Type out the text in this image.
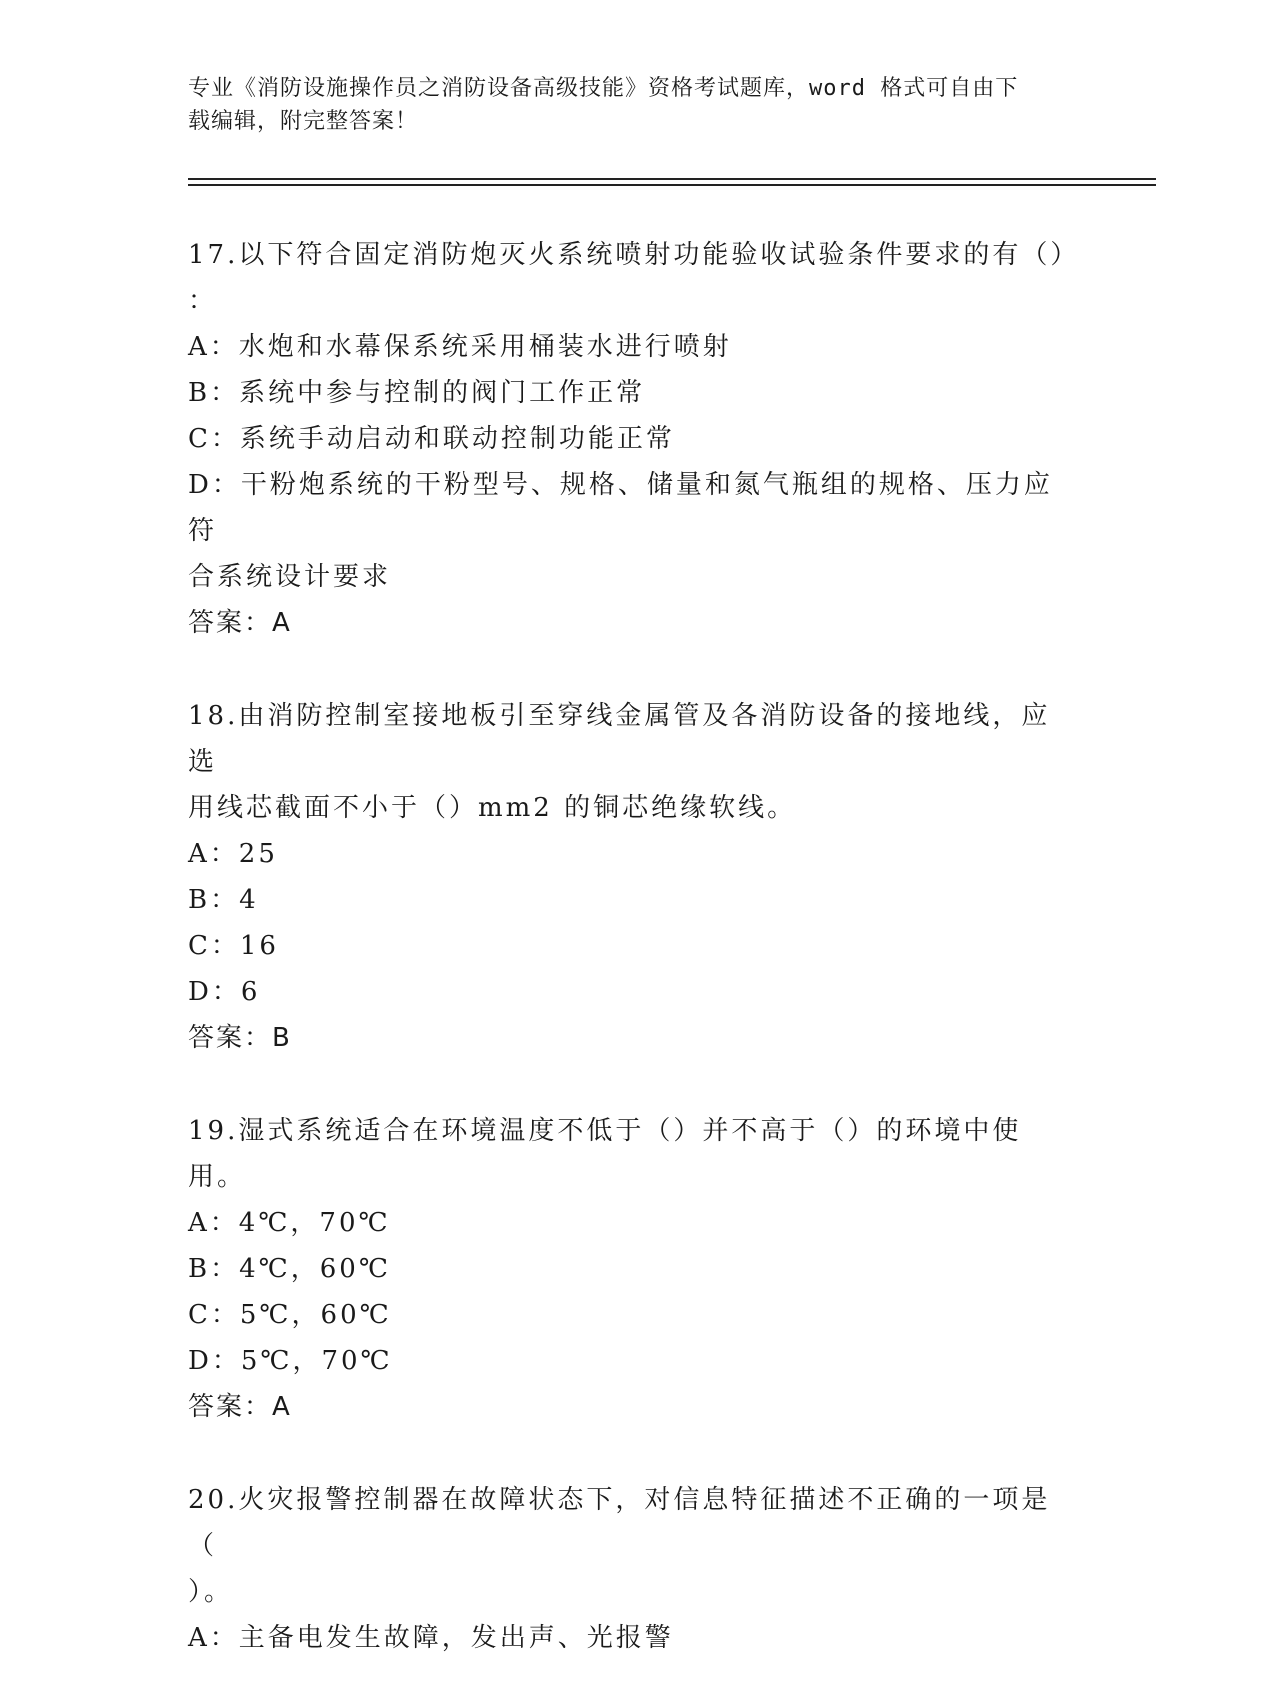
专业《消防设施操作员之消防设备高级技能》资格考试题库，word 格式可自由下
载编辑，附完整答案！
17.以下符合固定消防炮灭火系统喷射功能验收试验条件要求的有（）
：
A：水炮和水幕保系统采用桶装水进行喷射
B：系统中参与控制的阀门工作正常
C：系统手动启动和联动控制功能正常
D：干粉炮系统的干粉型号、规格、储量和氮气瓶组的规格、压力应符
合系统设计要求
答案：A
18.由消防控制室接地板引至穿线金属管及各消防设备的接地线，应选
用线芯截面不小于（）mm2 的铜芯绝缘软线。
A：25
B：4
C：16
D：6
答案：B
19.湿式系统适合在环境温度不低于（）并不高于（）的环境中使用。
A：4℃，70℃
B：4℃，60℃
C：5℃，60℃
D：5℃，70℃
答案：A
20.火灾报警控制器在故障状态下，对信息特征描述不正确的一项是（
）。
A：主备电发生故障，发出声、光报警
